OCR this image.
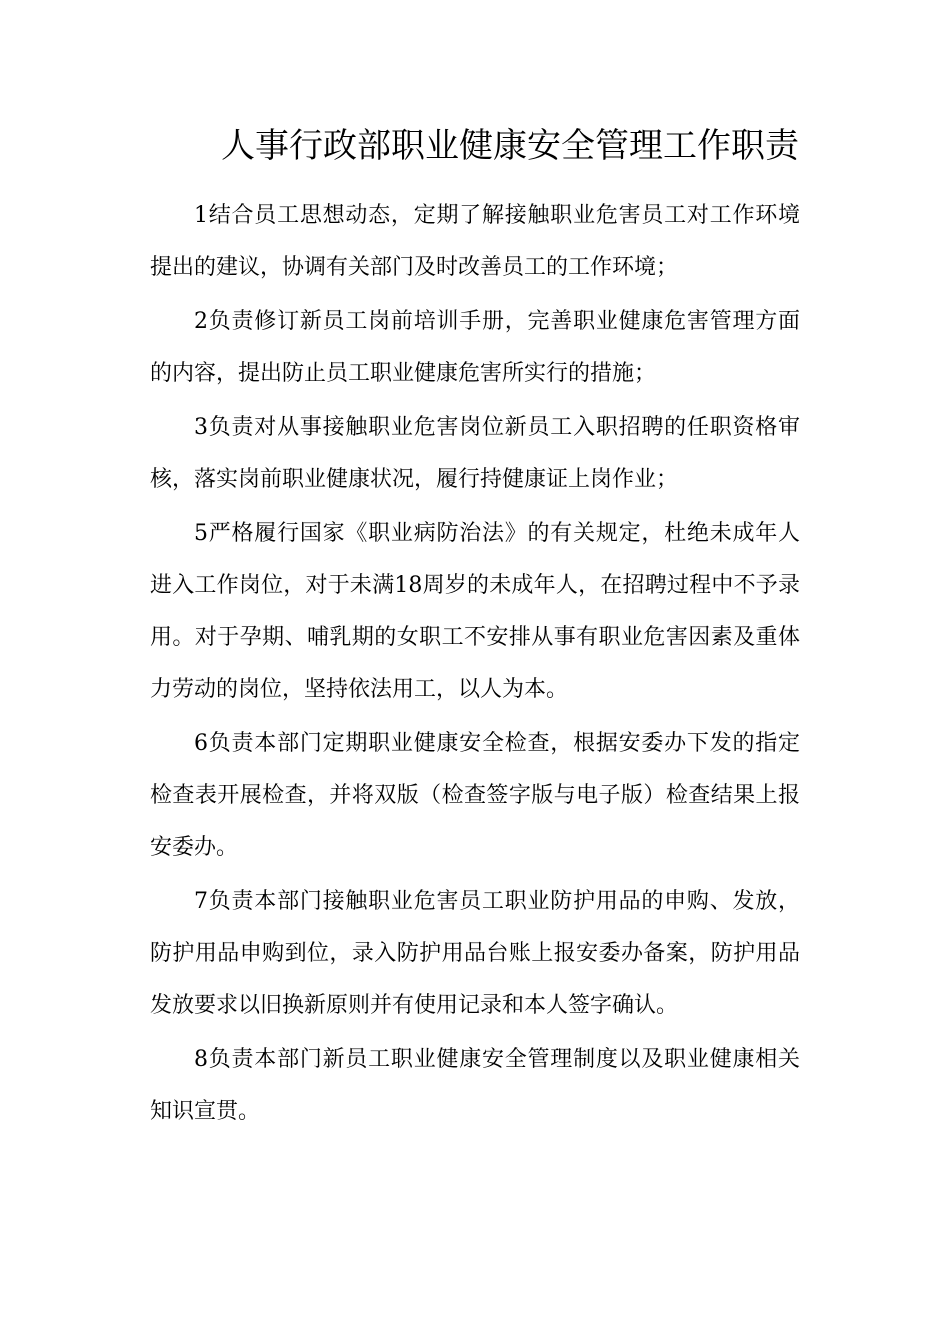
人事行政部职业健康安全管理工作职责

1结合员工思想动态，定期了解接触职业危害员工对工作环境提出的建议，协调有关部门及时改善员工的工作环境；

2负责修订新员工岗前培训手册，完善职业健康危害管理方面的内容，提出防止员工职业健康危害所实行的措施；

3负责对从事接触职业危害岗位新员工入职招聘的任职资格审核，落实岗前职业健康状况，履行持健康证上岗作业；

5严格履行国家《职业病防治法》的有关规定，杜绝未成年人进入工作岗位，对于未满18周岁的未成年人，在招聘过程中不予录用。对于孕期、哺乳期的女职工不安排从事有职业危害因素及重体力劳动的岗位，坚持依法用工，以人为本。

6负责本部门定期职业健康安全检查，根据安委办下发的指定检查表开展检查，并将双版（检查签字版与电子版）检查结果上报安委办。

7负责本部门接触职业危害员工职业防护用品的申购、发放，防护用品申购到位，录入防护用品台账上报安委办备案，防护用品发放要求以旧换新原则并有使用记录和本人签字确认。

8负责本部门新员工职业健康安全管理制度以及职业健康相关知识宣贯。
